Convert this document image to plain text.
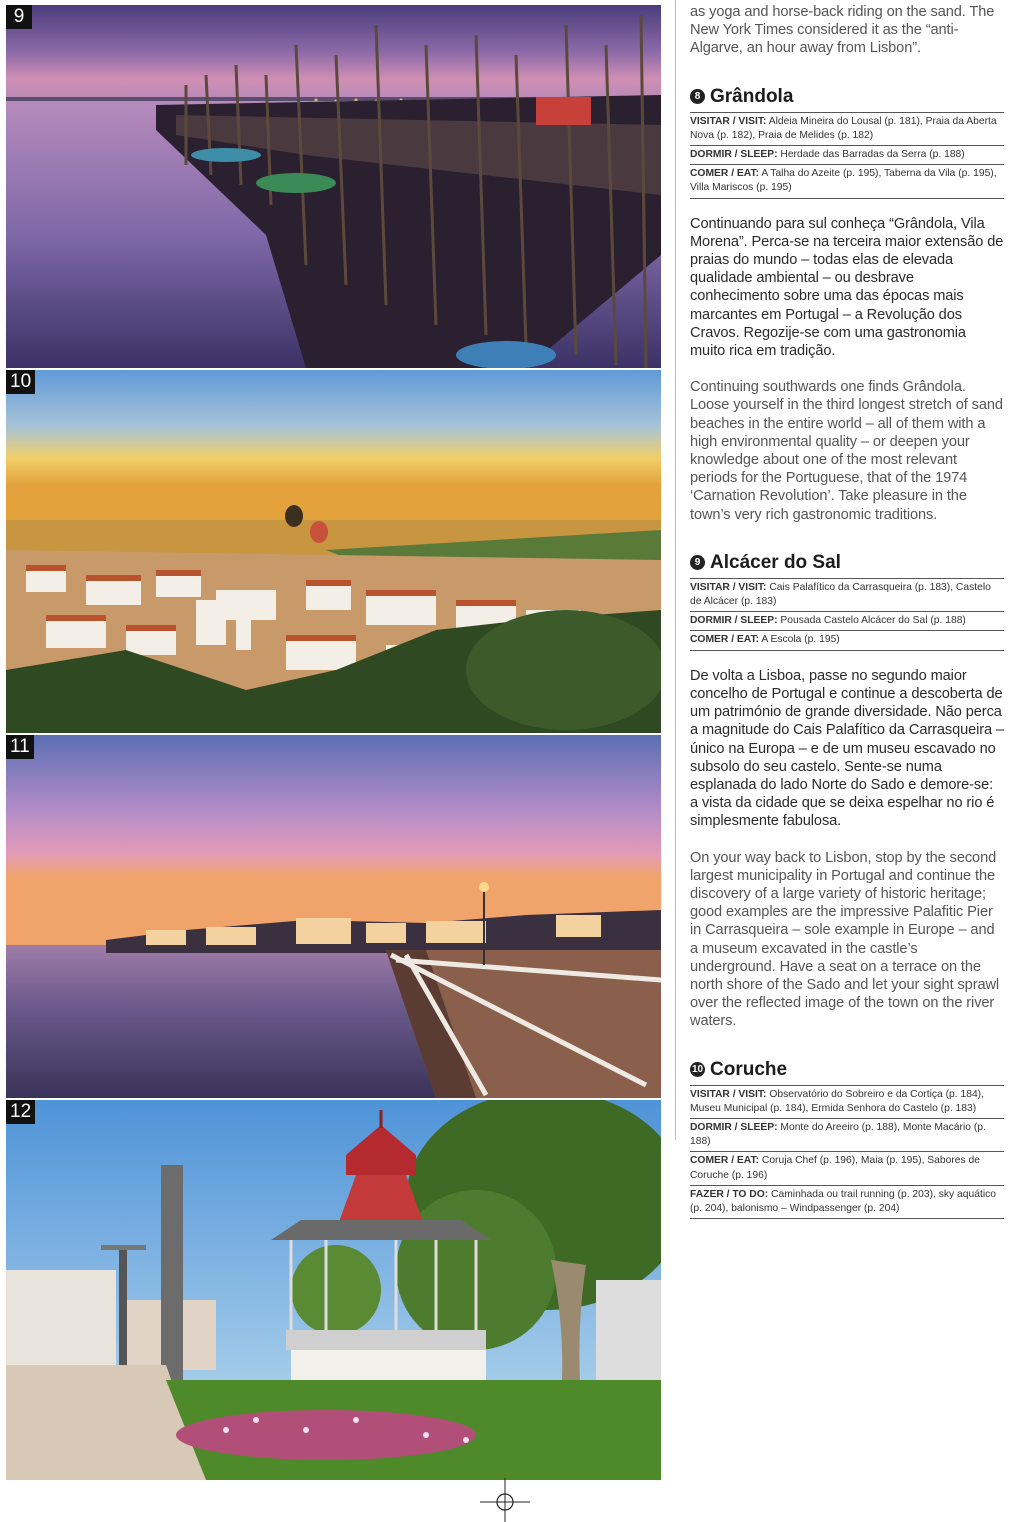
9
10
11
12

as yoga and horse-back riding on the sand. The New York Times considered it as the “anti-Algarve, an hour away from Lisbon”.

8 Grândola
VISITAR / VISIT: Aldeia Mineira do Lousal (p. 181), Praia da Aberta Nova (p. 182), Praia de Melides (p. 182)
DORMIR / SLEEP: Herdade das Barradas da Serra (p. 188)
COMER / EAT: A Talha do Azeite (p. 195), Taberna da Vila (p. 195), Villa Mariscos (p. 195)

Continuando para sul conheça “Grândola, Vila Morena”. Perca-se na terceira maior extensão de praias do mundo – todas elas de elevada qualidade ambiental – ou desbrave conhecimento sobre uma das épocas mais marcantes em Portugal – a Revolução dos Cravos. Regozije-se com uma gastronomia muito rica em tradição.

Continuing southwards one finds Grândola. Loose yourself in the third longest stretch of sand beaches in the entire world – all of them with a high environmental quality – or deepen your knowledge about one of the most relevant periods for the Portuguese, that of the 1974 ‘Carnation Revolution’. Take pleasure in the town’s very rich gastronomic traditions.

9 Alcácer do Sal
VISITAR / VISIT: Cais Palafítico da Carrasqueira (p. 183), Castelo de Alcácer (p. 183)
DORMIR / SLEEP: Pousada Castelo Alcácer do Sal (p. 188)
COMER / EAT: A Escola (p. 195)

De volta a Lisboa, passe no segundo maior concelho de Portugal e continue a descoberta de um património de grande diversidade. Não perca a magnitude do Cais Palafítico da Carrasqueira – único na Europa – e de um museu escavado no subsolo do seu castelo. Sente-se numa esplanada do lado Norte do Sado e demore-se: a vista da cidade que se deixa espelhar no rio é simplesmente fabulosa.

On your way back to Lisbon, stop by the second largest municipality in Portugal and continue the discovery of a large variety of historic heritage; good examples are the impressive Palafitic Pier in Carrasqueira – sole example in Europe – and a museum excavated in the castle’s underground. Have a seat on a terrace on the north shore of the Sado and let your sight sprawl over the reflected image of the town on the river waters.

10 Coruche
VISITAR / VISIT: Observatório do Sobreiro e da Cortiça (p. 184), Museu Municipal (p. 184), Ermida Senhora do Castelo (p. 183)
DORMIR / SLEEP: Monte do Areeiro (p. 188), Monte Macário (p. 188)
COMER / EAT: Coruja Chef (p. 196), Maia (p. 195), Sabores de Coruche (p. 196)
FAZER / TO DO: Caminhada ou trail running (p. 203), sky aquático (p. 204), balonismo – Windpassenger (p. 204)
